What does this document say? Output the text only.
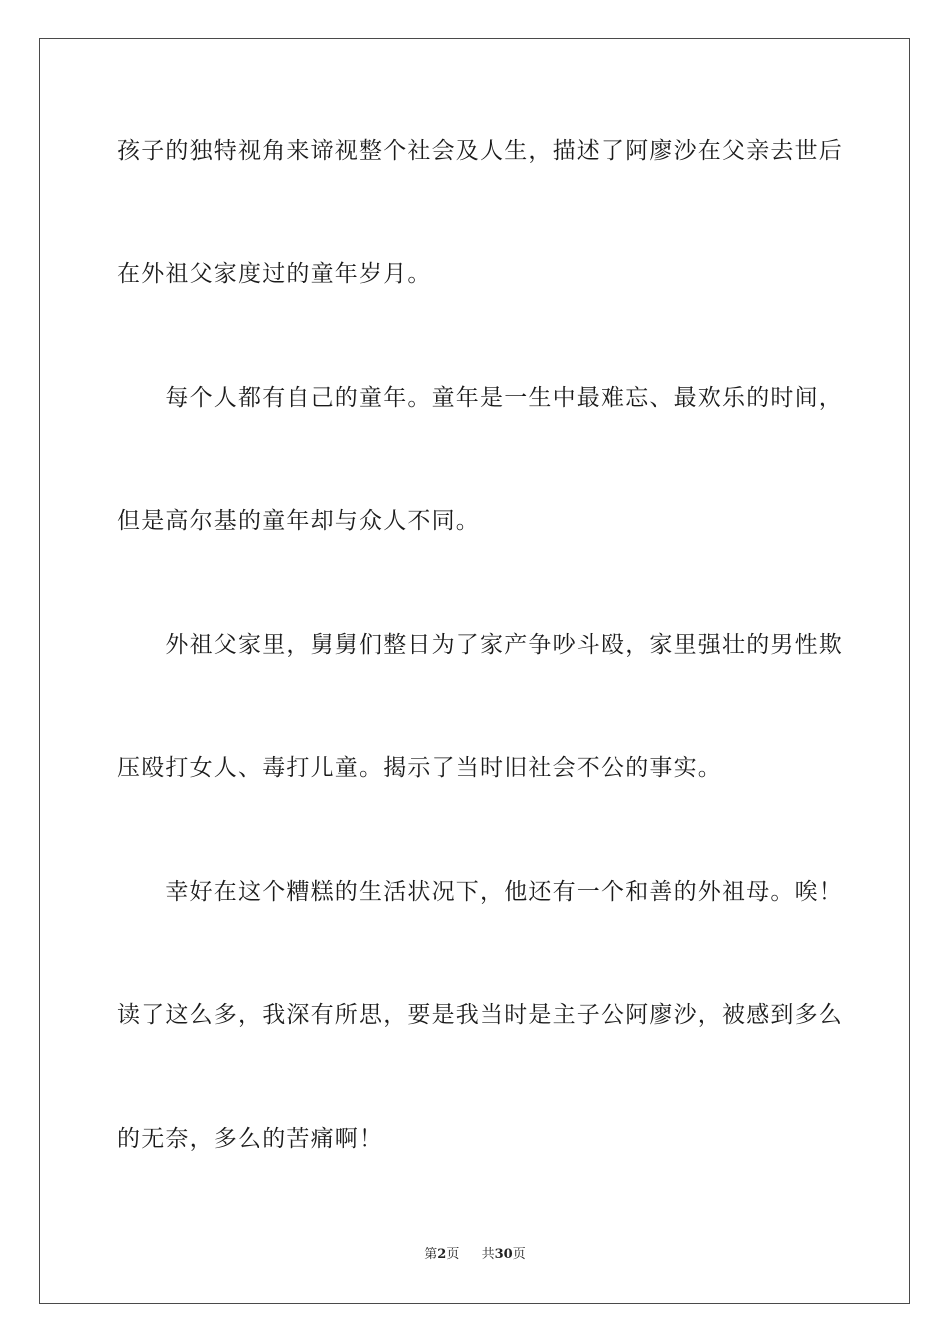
孩子的独特视角来谛视整个社会及人生，描述了阿廖沙在父亲去世后
在外祖父家度过的童年岁月。
　　每个人都有自己的童年。童年是一生中最难忘、最欢乐的时间，
但是高尔基的童年却与众人不同。
　　外祖父家里，舅舅们整日为了家产争吵斗殴，家里强壮的男性欺
压殴打女人、毒打儿童。揭示了当时旧社会不公的事实。
　　幸好在这个糟糕的生活状况下，他还有一个和善的外祖母。唉！
读了这么多，我深有所思，要是我当时是主子公阿廖沙，被感到多么
的无奈，多么的苦痛啊！
第2页 共30页
